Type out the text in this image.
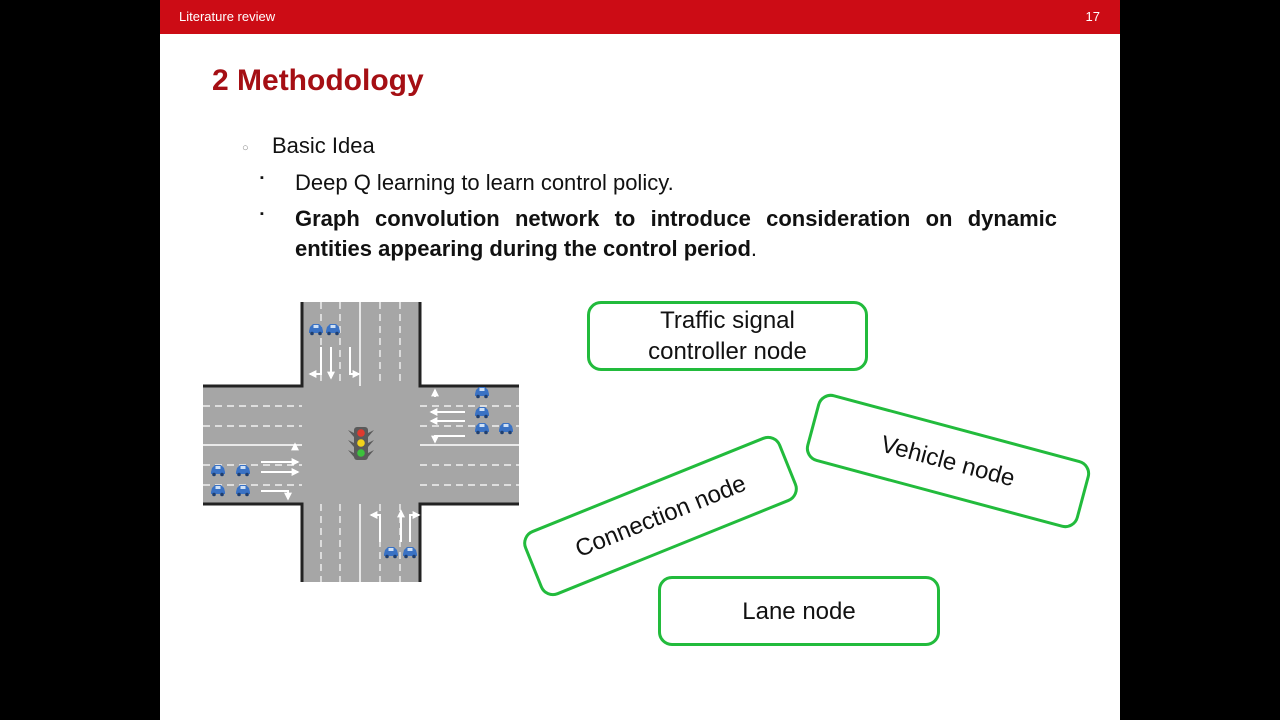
Literature review	17
2 Methodology
○ Basic Idea
▪ Deep Q learning to learn control policy.
▪ Graph convolution network to introduce consideration on dynamic entities appearing during the control period.
Traffic signal
controller node
Vehicle node
Connection node
Lane node
